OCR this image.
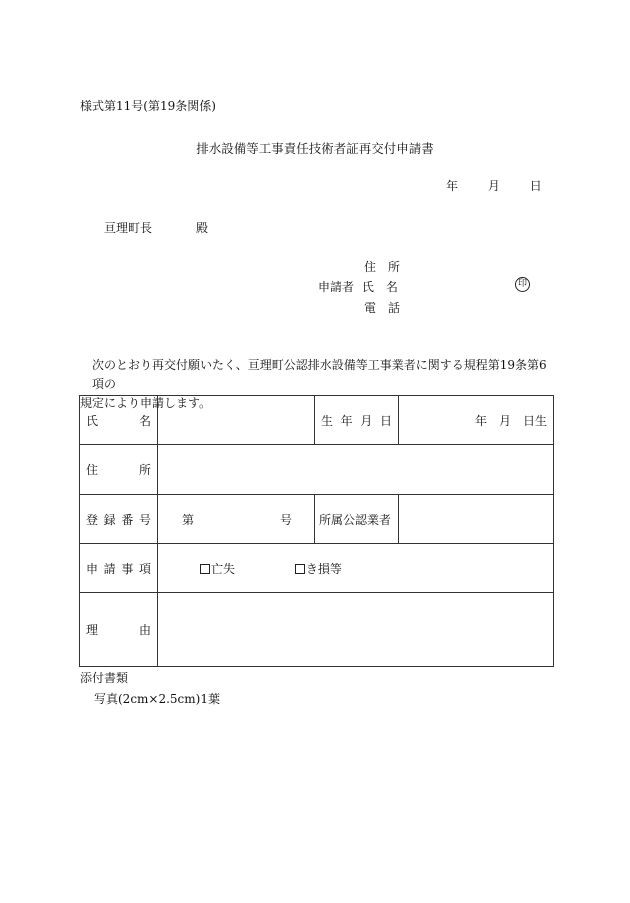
様式第11号(第19条関係)
排水設備等工事責任技術者証再交付申請書
年 月 日
亘理町長	殿
住　所
申請者 氏　名	印
電　話
次のとおり再交付願いたく、亘理町公認排水設備等工事業者に関する規程第19条第6項の
規定により申請します。
氏名		生年月日	年　月　日生
住所			
登録番号	第 号	所属公認業者	
申請事項	亡失 き損等		
理由			
添付書類
写真(2cm×2.5cm)1葉
